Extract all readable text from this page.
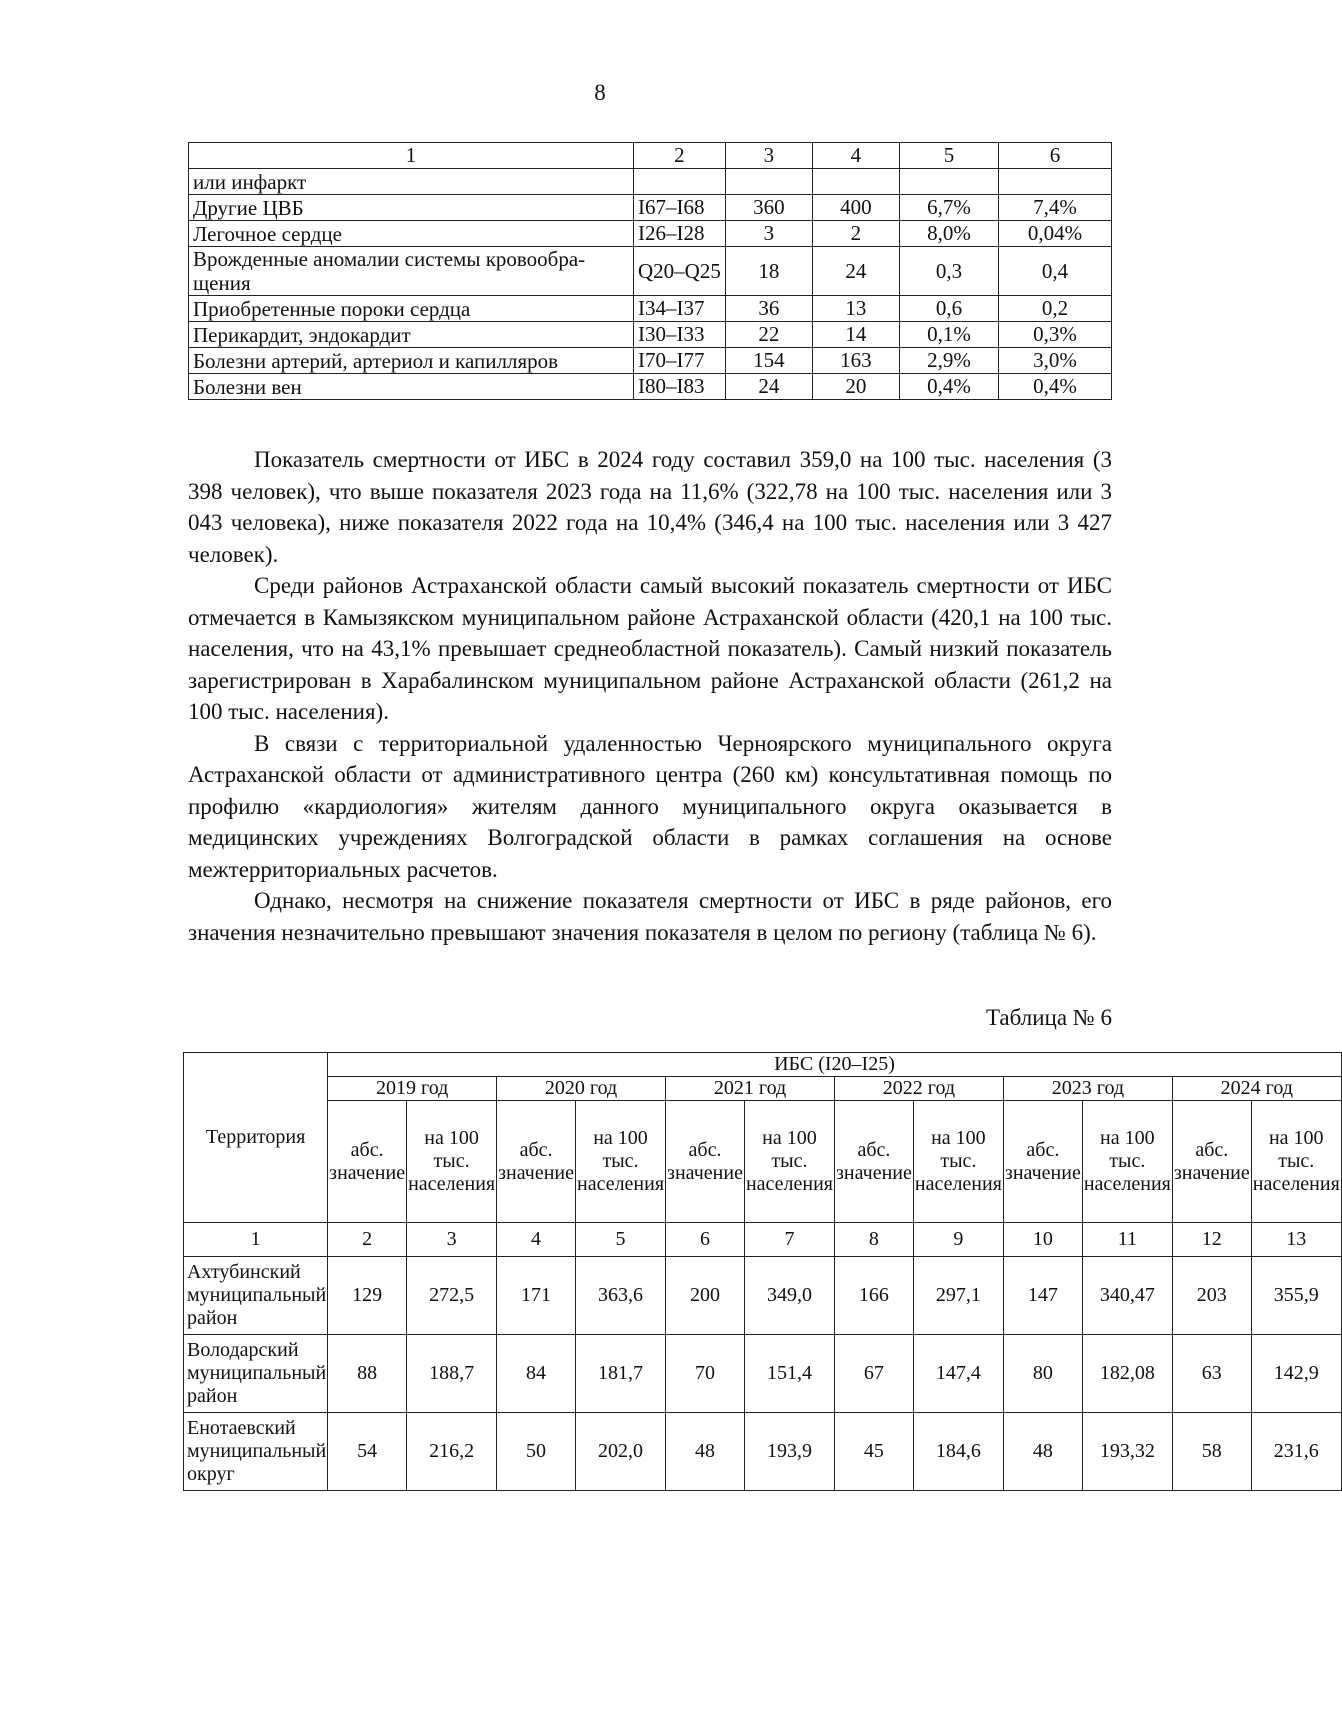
8
1	2	3	4	5	6
или инфаркт					
Другие ЦВБ	I67–I68	360	400	6,7%	7,4%
Легочное сердце	I26–I28	3	2	8,0%	0,04%
Врожденные аномалии системы кровообра-щения	Q20–Q25	18	24	0,3	0,4
Приобретенные пороки сердца	I34–I37	36	13	0,6	0,2
Перикардит, эндокардит	I30–I33	22	14	0,1%	0,3%
Болезни артерий, артериол и капилляров	I70–I77	154	163	2,9%	3,0%
Болезни вен	I80–I83	24	20	0,4%	0,4%

Показатель смертности от ИБС в 2024 году составил 359,0 на 100 тыс. населения (3 398 человек), что выше показателя 2023 года на 11,6% (322,78 на 100 тыс. населения или 3 043 человека), ниже показателя 2022 года на 10,4% (346,4 на 100 тыс. населения или 3 427 человек).

Среди районов Астраханской области самый высокий показатель смертности от ИБС отмечается в Камызякском муниципальном районе Астраханской области (420,1 на 100 тыс. населения, что на 43,1% превышает среднеобластной показатель). Самый низкий показатель зарегистрирован в Харабалинском муниципальном районе Астраханской области (261,2 на 100 тыс. населения).

В связи с территориальной удаленностью Черноярского муниципального округа Астраханской области от административного центра (260 км) консультативная помощь по профилю «кардиология» жителям данного муниципального округа оказывается в медицинских учреждениях Волгоградской области в рамках соглашения на основе межтерриториальных расчетов.

Однако, несмотря на снижение показателя смертности от ИБС в ряде районов, его значения незначительно превышают значения показателя в целом по региону (таблица № 6).

Таблица № 6
Территория	ИБС (I20–I25)											
	2019 год		2020 год		2021 год		2022 год		2023 год		2024 год	
	абс. значение	на 100 тыс. населения	абс. значение	на 100 тыс. населения	абс. значение	на 100 тыс. населения	абс. значение	на 100 тыс. населения	абс. значение	на 100 тыс. населения	абс. значение	на 100 тыс. населения
1	2	3	4	5	6	7	8	9	10	11	12	13
Ахтубинский муниципальный район	129	272,5	171	363,6	200	349,0	166	297,1	147	340,47	203	355,9
Володарский муниципальный район	88	188,7	84	181,7	70	151,4	67	147,4	80	182,08	63	142,9
Енотаевский муниципальный округ	54	216,2	50	202,0	48	193,9	45	184,6	48	193,32	58	231,6
